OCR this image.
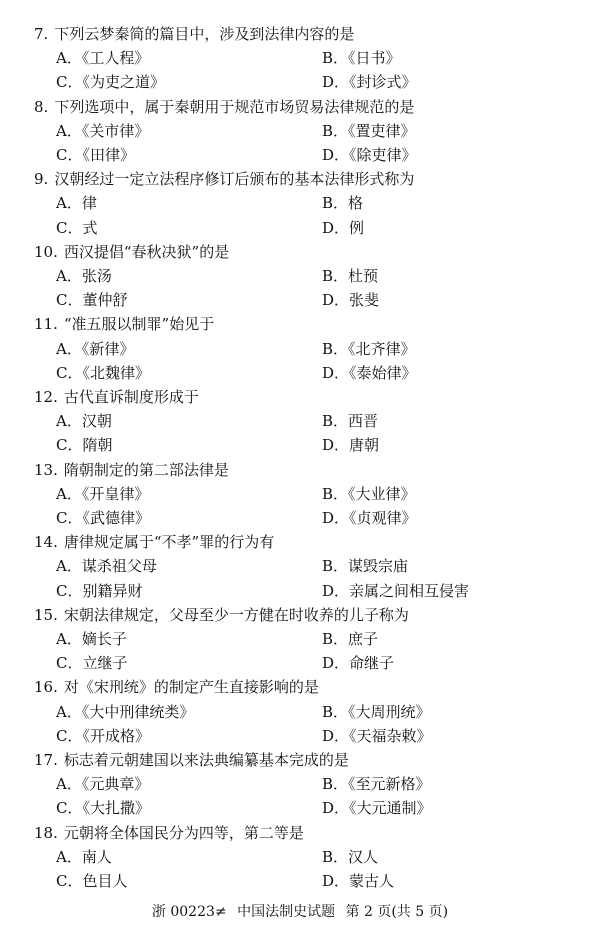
7. 下列云梦秦简的篇目中，涉及到法律内容的是
A．《工人程》	B．《日书》
C．《为吏之道》	D．《封诊式》
8. 下列选项中，属于秦朝用于规范市场贸易法律规范的是
A．《关市律》	B．《置吏律》
C．《田律》	D．《除吏律》
9. 汉朝经过一定立法程序修订后颁布的基本法律形式称为
A．律	B．格
C．式	D．例
10. 西汉提倡“春秋决狱”的是
A．张汤	B．杜预
C．董仲舒	D．张斐
11. “准五服以制罪”始见于
A．《新律》	B．《北齐律》
C．《北魏律》	D．《泰始律》
12. 古代直诉制度形成于
A．汉朝	B．西晋
C．隋朝	D．唐朝
13. 隋朝制定的第二部法律是
A．《开皇律》	B．《大业律》
C．《武德律》	D．《贞观律》
14. 唐律规定属于“不孝”罪的行为有
A．谋杀祖父母	B．谋毁宗庙
C．别籍异财	D．亲属之间相互侵害
15. 宋朝法律规定，父母至少一方健在时收养的儿子称为
A．嫡长子	B．庶子
C．立继子	D．命继子
16. 对《宋刑统》的制定产生直接影响的是
A．《大中刑律统类》	B．《大周刑统》
C．《开成格》	D．《天福杂敕》
17. 标志着元朝建国以来法典编纂基本完成的是
A．《元典章》	B．《至元新格》
C．《大扎撒》	D．《大元通制》
18. 元朝将全体国民分为四等，第二等是
A．南人	B．汉人
C．色目人	D．蒙古人
浙 00223≠ 中国法制史试题 第 2 页(共 5 页)
